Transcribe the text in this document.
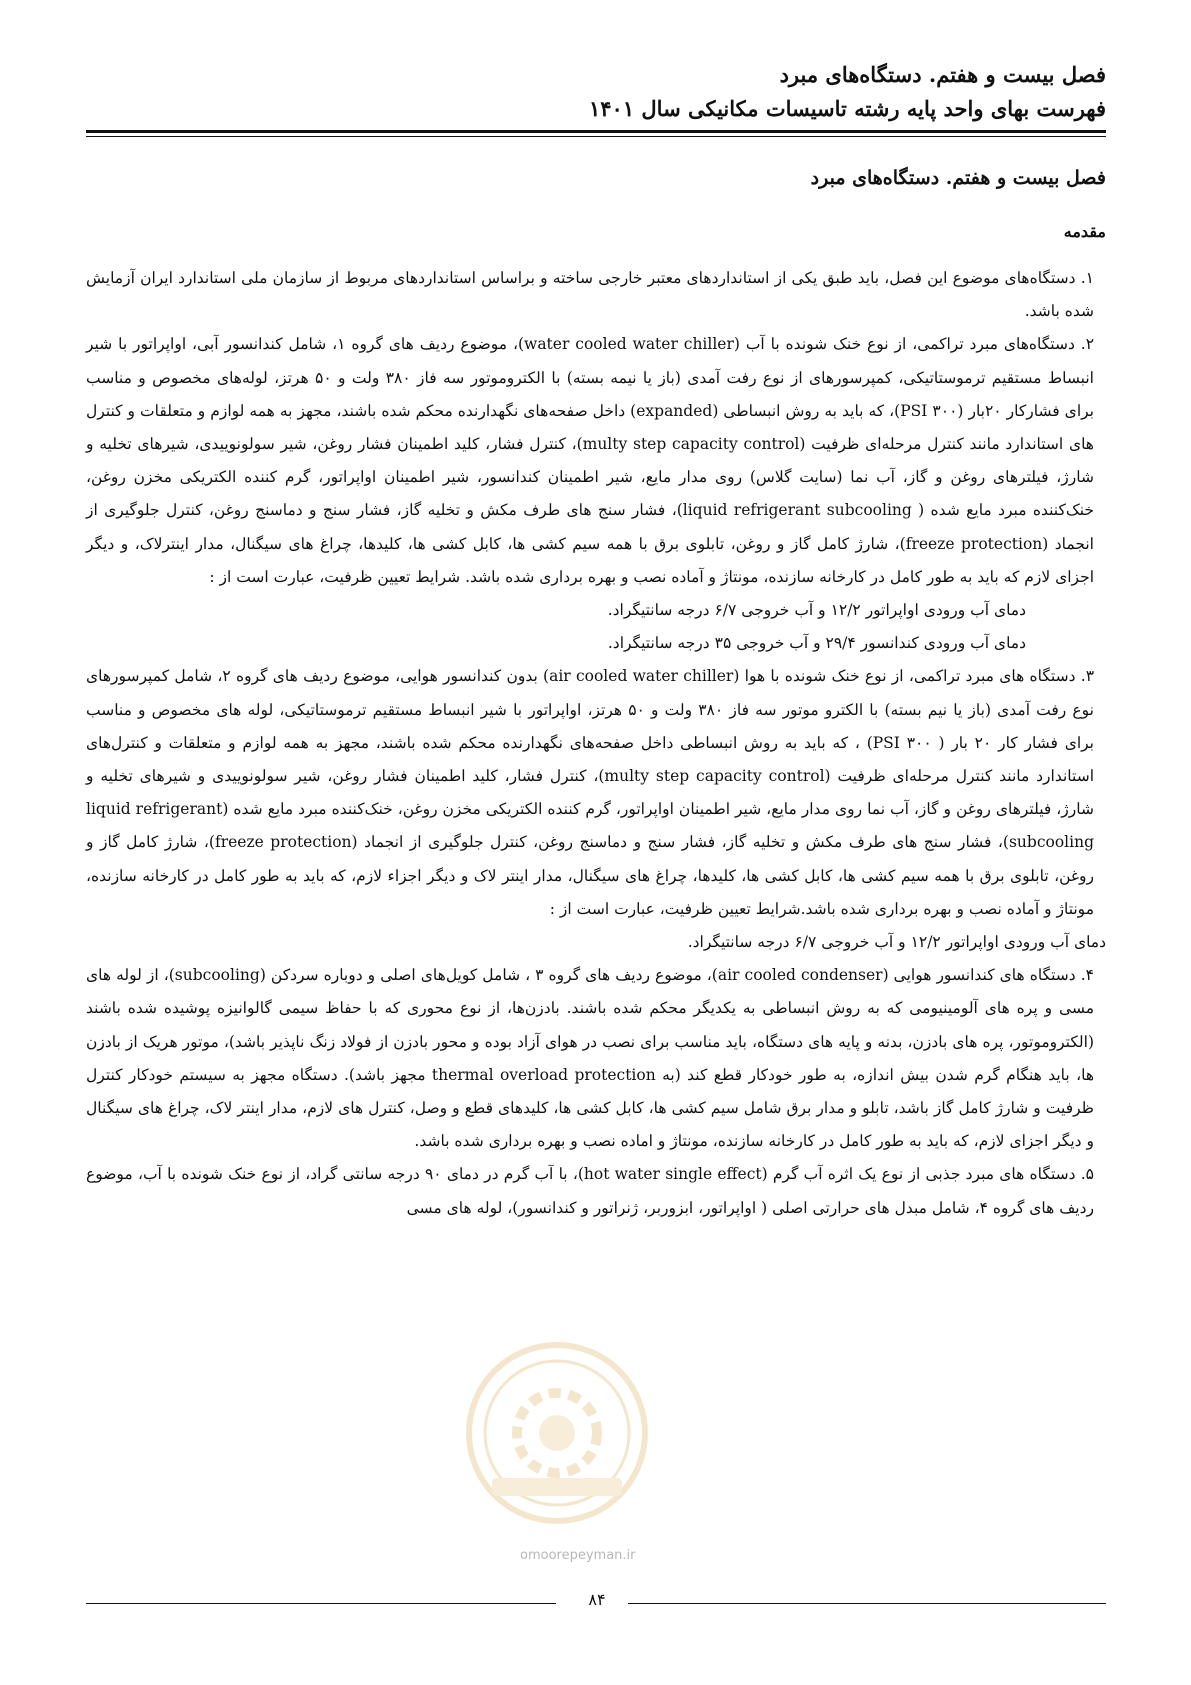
فصل بیست و هفتم. دستگاه‌های مبرد
فهرست بهای واحد پایه رشته تاسیسات مکانیکی سال ۱۴۰۱
فصل بیست و هفتم. دستگاه‌های مبرد
مقدمه

۱. دستگاه‌های موضوع این فصل، باید طبق یکی از استانداردهای معتبر خارجی ساخته و براساس استانداردهای مربوط از سازمان ملی استاندارد ایران آزمایش شده باشد.

۲. دستگاه‌های مبرد تراکمی، از نوع خنک شونده با آب (water cooled water chiller)، موضوع ردیف های گروه ۱، شامل کندانسور آبی، اواپراتور با شیر انبساط مستقیم ترموستاتیکی، کمپرسورهای از نوع رفت آمدی (باز یا نیمه بسته) با الکتروموتور سه فاز ۳۸۰ ولت و ۵۰ هرتز، لوله‌های مخصوص و مناسب برای فشارکار ۲۰بار (۳۰۰ PSI)، که باید به روش انبساطی (expanded) داخل صفحه‌های نگهدارنده محکم شده باشند، مجهز به همه لوازم و متعلقات و کنترل های استاندارد مانند کنترل مرحله‌ای ظرفیت (multy step capacity control)، کنترل فشار، کلید اطمینان فشار روغن، شیر سولونوییدی، شیرهای تخلیه و شارژ، فیلترهای روغن و گاز، آب نما (سایت گلاس) روی مدار مایع، شیر اطمینان کندانسور، شیر اطمینان اواپراتور، گرم کننده الکتریکی مخزن روغن، خنک‌کننده مبرد مایع شده ( liquid refrigerant subcooling)، فشار سنج های طرف مکش و تخلیه گاز، فشار سنج و دماسنج روغن، کنترل جلوگیری از انجماد (freeze protection)، شارژ کامل گاز و روغن، تابلوی برق با همه سیم کشی ها، کابل کشی ها، کلیدها، چراغ های سیگنال، مدار اینترلاک، و دیگر اجزای لازم که باید به طور کامل در کارخانه سازنده، مونتاژ و آماده نصب و بهره برداری شده باشد. شرایط تعیین ظرفیت، عبارت است از :

دمای آب ورودی اواپراتور ۱۲/۲ و آب خروجی ۶/۷ درجه سانتیگراد.

دمای آب ورودی کندانسور ۲۹/۴ و آب خروجی ۳۵ درجه سانتیگراد.

۳. دستگاه های مبرد تراکمی، از نوع خنک شونده با هوا (air cooled water chiller) بدون کندانسور هوایی، موضوع ردیف های گروه ۲، شامل کمپرسورهای نوع رفت آمدی (باز یا نیم بسته) با الکترو موتور سه فاز ۳۸۰ ولت و ۵۰ هرتز، اواپراتور با شیر انبساط مستقیم ترموستاتیکی، لوله های مخصوص و مناسب برای فشار کار ۲۰ بار ( ۳۰۰ PSI) ، که باید به روش انبساطی داخل صفحه‌های نگهدارنده محکم شده باشند، مجهز به همه لوازم و متعلقات و کنترل‌های استاندارد مانند کنترل مرحله‌ای ظرفیت (multy step capacity control)، کنترل فشار، کلید اطمینان فشار روغن، شیر سولونوییدی و شیرهای تخلیه و شارژ، فیلترهای روغن و گاز، آب نما روی مدار مایع، شیر اطمینان اواپراتور، گرم کننده الکتریکی مخزن روغن، خنک‌کننده مبرد مایع شده (liquid refrigerant subcooling)، فشار سنج های طرف مکش و تخلیه گاز، فشار سنج و دماسنج روغن، کنترل جلوگیری از انجماد (freeze protection)، شارژ کامل گاز و روغن، تابلوی برق با همه سیم کشی ها، کابل کشی ها، کلیدها، چراغ های سیگنال، مدار اینتر لاک و دیگر اجزاء لازم، که باید به طور کامل در کارخانه سازنده، مونتاژ و آماده نصب و بهره برداری شده باشد.شرایط تعیین ظرفیت، عبارت است از :

دمای آب ورودی اواپراتور ۱۲/۲ و آب خروجی ۶/۷ درجه سانتیگراد.

۴. دستگاه های کندانسور هوایی (air cooled condenser)، موضوع ردیف های گروه ۳ ، شامل کویل‌های اصلی و دوباره سردکن (subcooling)، از لوله های مسی و پره های آلومینیومی که به روش انبساطی به یکدیگر محکم شده باشند. بادزن‌ها، از نوع محوری که با حفاظ سیمی گالوانیزه پوشیده شده باشند (الکتروموتور، پره های بادزن، بدنه و پایه های دستگاه، باید مناسب برای نصب در هوای آزاد بوده و محور بادزن از فولاد زنگ ناپذیر باشد)، موتور هریک از بادزن ها، باید هنگام گرم شدن بیش اندازه، به طور خودکار قطع کند (به thermal overload protection مجهز باشد). دستگاه مجهز به سیستم خودکار کنترل ظرفیت و شارژ کامل گاز باشد، تابلو و مدار برق شامل سیم کشی ها، کابل کشی ها، کلیدهای قطع و وصل، کنترل های لازم، مدار اینتر لاک، چراغ های سیگنال و دیگر اجزای لازم، که باید به طور کامل در کارخانه سازنده، مونتاژ و اماده نصب و بهره برداری شده باشد.

۵. دستگاه های مبرد جذبی از نوع یک اثره آب گرم (hot water single effect)، با آب گرم در دمای ۹۰ درجه سانتی گراد، از نوع خنک شونده با آب، موضوع ردیف های گروه ۴، شامل مبدل های حرارتی اصلی ( اواپراتور، ابزوربر، ژنراتور و کندانسور)، لوله های مسی

omoorepeyman.ir
۸۴
